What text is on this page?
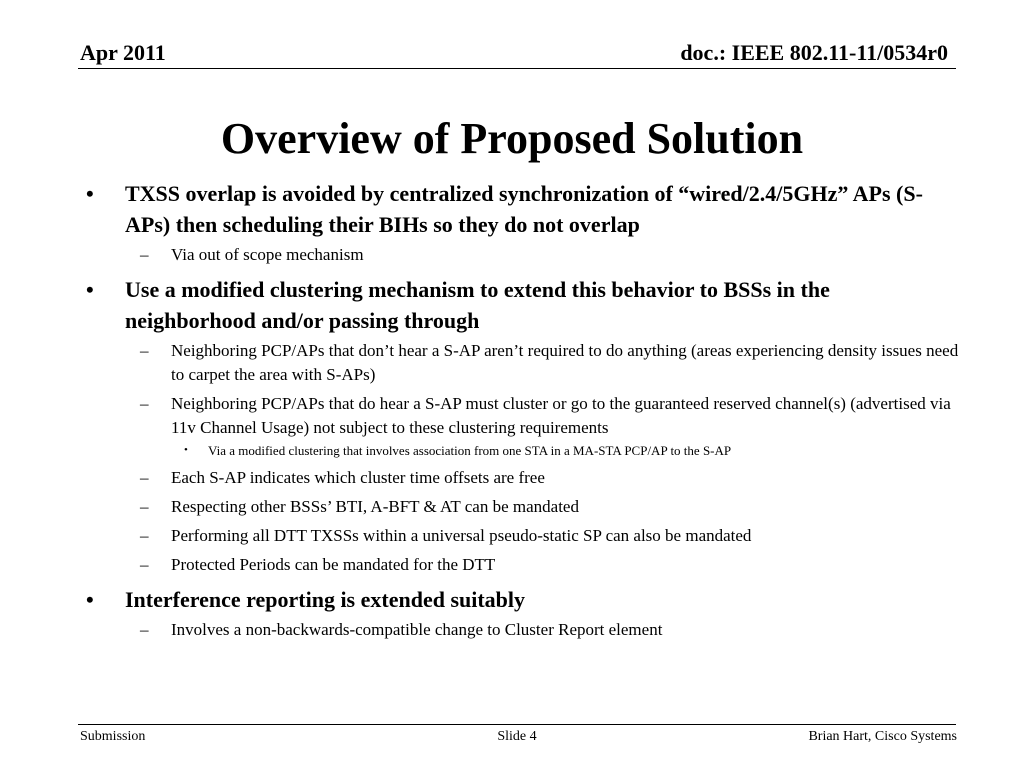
Apr 2011	doc.: IEEE 802.11-11/0534r0
Overview of Proposed Solution
• TXSS overlap is avoided by centralized synchronization of “wired/2.4/5GHz” APs (S-APs) then scheduling their BIHs so they do not overlap
– Via out of scope mechanism
• Use a modified clustering mechanism to extend this behavior to BSSs in the neighborhood and/or passing through
– Neighboring PCP/APs that don’t hear a S-AP aren’t required to do anything (areas experiencing density issues need to carpet the area with S-APs)
– Neighboring PCP/APs that do hear a S-AP must cluster or go to the guaranteed reserved channel(s) (advertised via 11v Channel Usage) not subject to these clustering requirements
• Via a modified clustering that involves association from one STA in a MA-STA PCP/AP to the S-AP
– Each S-AP indicates which cluster time offsets are free
– Respecting other BSSs’ BTI, A-BFT & AT can be mandated
– Performing all DTT TXSSs within a universal pseudo-static SP can also be mandated
– Protected Periods can be mandated for the DTT
• Interference reporting is extended suitably
– Involves a non-backwards-compatible change to Cluster Report element
Submission	Slide 4	Brian Hart, Cisco Systems
